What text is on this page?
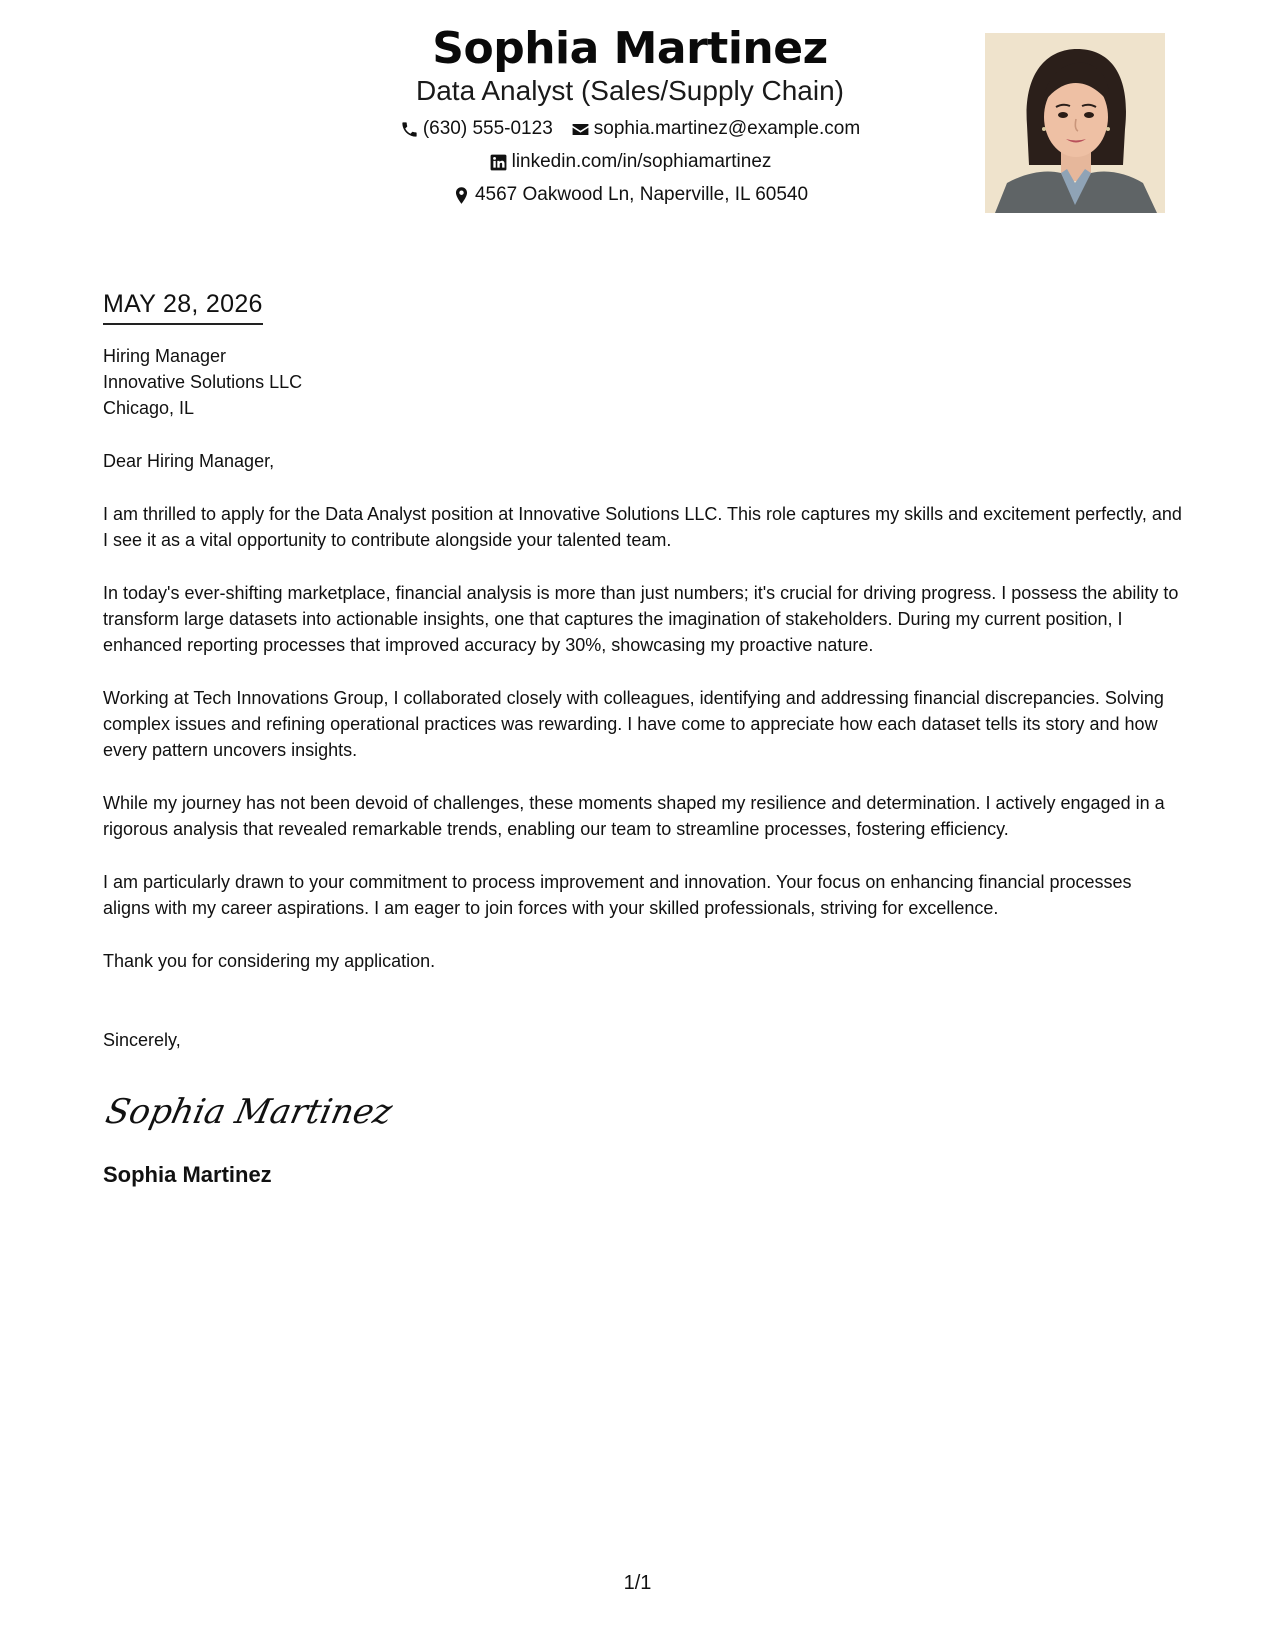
Sophia Martinez
Data Analyst (Sales/Supply Chain)
(630) 555-0123 sophia.martinez@example.com
linkedin.com/in/sophiamartinez
4567 Oakwood Ln, Naperville, IL 60540
MAY 28, 2026
Hiring Manager
Innovative Solutions LLC
Chicago, IL
Dear Hiring Manager,
I am thrilled to apply for the Data Analyst position at Innovative Solutions LLC. This role captures my skills and excitement perfectly, and I see it as a vital opportunity to contribute alongside your talented team.
In today's ever-shifting marketplace, financial analysis is more than just numbers; it's crucial for driving progress. I possess the ability to transform large datasets into actionable insights, one that captures the imagination of stakeholders. During my current position, I enhanced reporting processes that improved accuracy by 30%, showcasing my proactive nature.
Working at Tech Innovations Group, I collaborated closely with colleagues, identifying and addressing financial discrepancies. Solving complex issues and refining operational practices was rewarding. I have come to appreciate how each dataset tells its story and how every pattern uncovers insights.
While my journey has not been devoid of challenges, these moments shaped my resilience and determination. I actively engaged in a rigorous analysis that revealed remarkable trends, enabling our team to streamline processes, fostering efficiency.
I am particularly drawn to your commitment to process improvement and innovation. Your focus on enhancing financial processes aligns with my career aspirations. I am eager to join forces with your skilled professionals, striving for excellence.
Thank you for considering my application.
Sincerely,
Sophia Martinez
Sophia Martinez
1/1
